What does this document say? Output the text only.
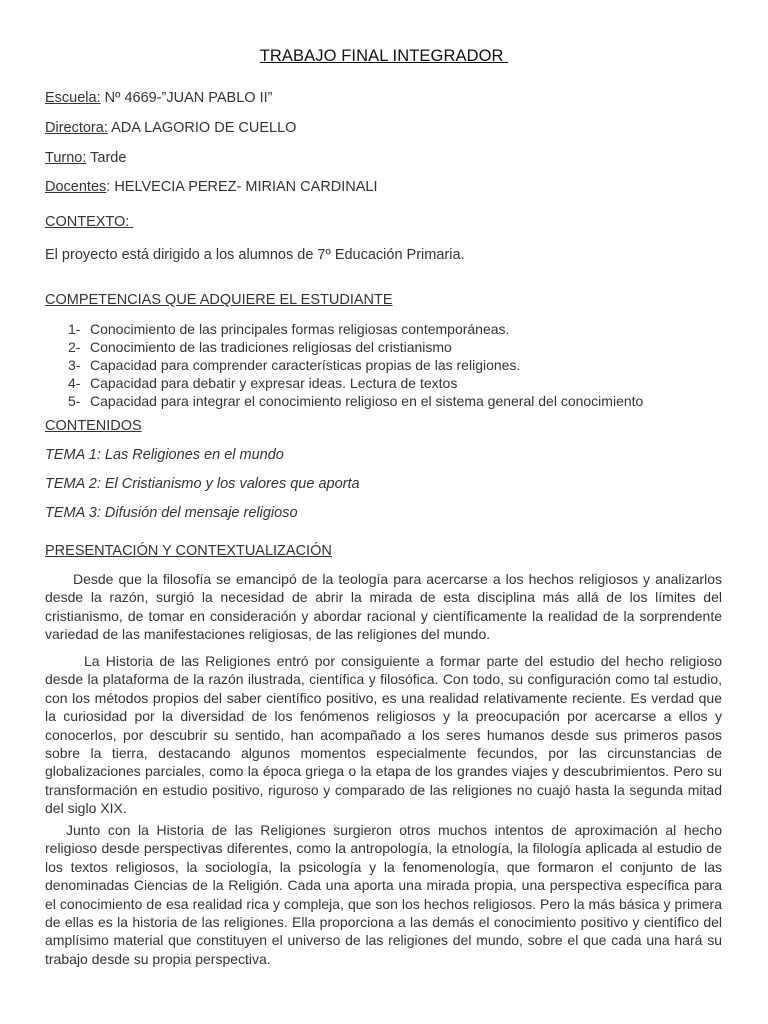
TRABAJO FINAL INTEGRADOR
Escuela: Nº 4669-”JUAN PABLO II”
Directora: ADA LAGORIO DE CUELLO
Turno: Tarde
Docentes: HELVECIA PEREZ- MIRIAN CARDINALI
CONTEXTO:
El proyecto está dirigido a los alumnos de 7º Educación Primaria.
COMPETENCIAS QUE ADQUIERE EL ESTUDIANTE
1- Conocimiento de las principales formas religiosas contemporáneas.
2- Conocimiento de las tradiciones religiosas del cristianismo
3- Capacidad para comprender características propias de las religiones.
4- Capacidad para debatir y expresar ideas. Lectura de textos
5- Capacidad para integrar el conocimiento religioso en el sistema general del conocimiento
CONTENIDOS
TEMA 1: Las Religiones en el mundo
TEMA 2: El Cristianismo y los valores que aporta
TEMA 3: Difusión del mensaje religioso
PRESENTACIÓN Y CONTEXTUALIZACIÓN

Desde que la filosofía se emancipó de la teología para acercarse a los hechos religiosos y analizarlos desde la razón, surgió la necesidad de abrir la mirada de esta disciplina más allá de los límites del cristianismo, de tomar en consideración y abordar racional y científicamente la realidad de la sorprendente variedad de las manifestaciones religiosas, de las religiones del mundo.

La Historia de las Religiones entró por consiguiente a formar parte del estudio del hecho religioso desde la plataforma de la razón ilustrada, científica y filosófica. Con todo, su configuración como tal estudio, con los métodos propios del saber científico positivo, es una realidad relativamente reciente. Es verdad que la curiosidad por la diversidad de los fenómenos religiosos y la preocupación por acercarse a ellos y conocerlos, por descubrir su sentido, han acompañado a los seres humanos desde sus primeros pasos sobre la tierra, destacando algunos momentos especialmente fecundos, por las circunstancias de globalizaciones parciales, como la época griega o la etapa de los grandes viajes y descubrimientos. Pero su transformación en estudio positivo, riguroso y comparado de las religiones no cuajó hasta la segunda mitad del siglo XIX.

Junto con la Historia de las Religiones surgieron otros muchos intentos de aproximación al hecho religioso desde perspectivas diferentes, como la antropología, la etnología, la filología aplicada al estudio de los textos religiosos, la sociología, la psicología y la fenomenología, que formaron el conjunto de las denominadas Ciencias de la Religión. Cada una aporta una mirada propia, una perspectiva específica para el conocimiento de esa realidad rica y compleja, que son los hechos religiosos. Pero la más básica y primera de ellas es la historia de las religiones. Ella proporciona a las demás el conocimiento positivo y científico del amplísimo material que constituyen el universo de las religiones del mundo, sobre el que cada una hará su trabajo desde su propia perspectiva.
